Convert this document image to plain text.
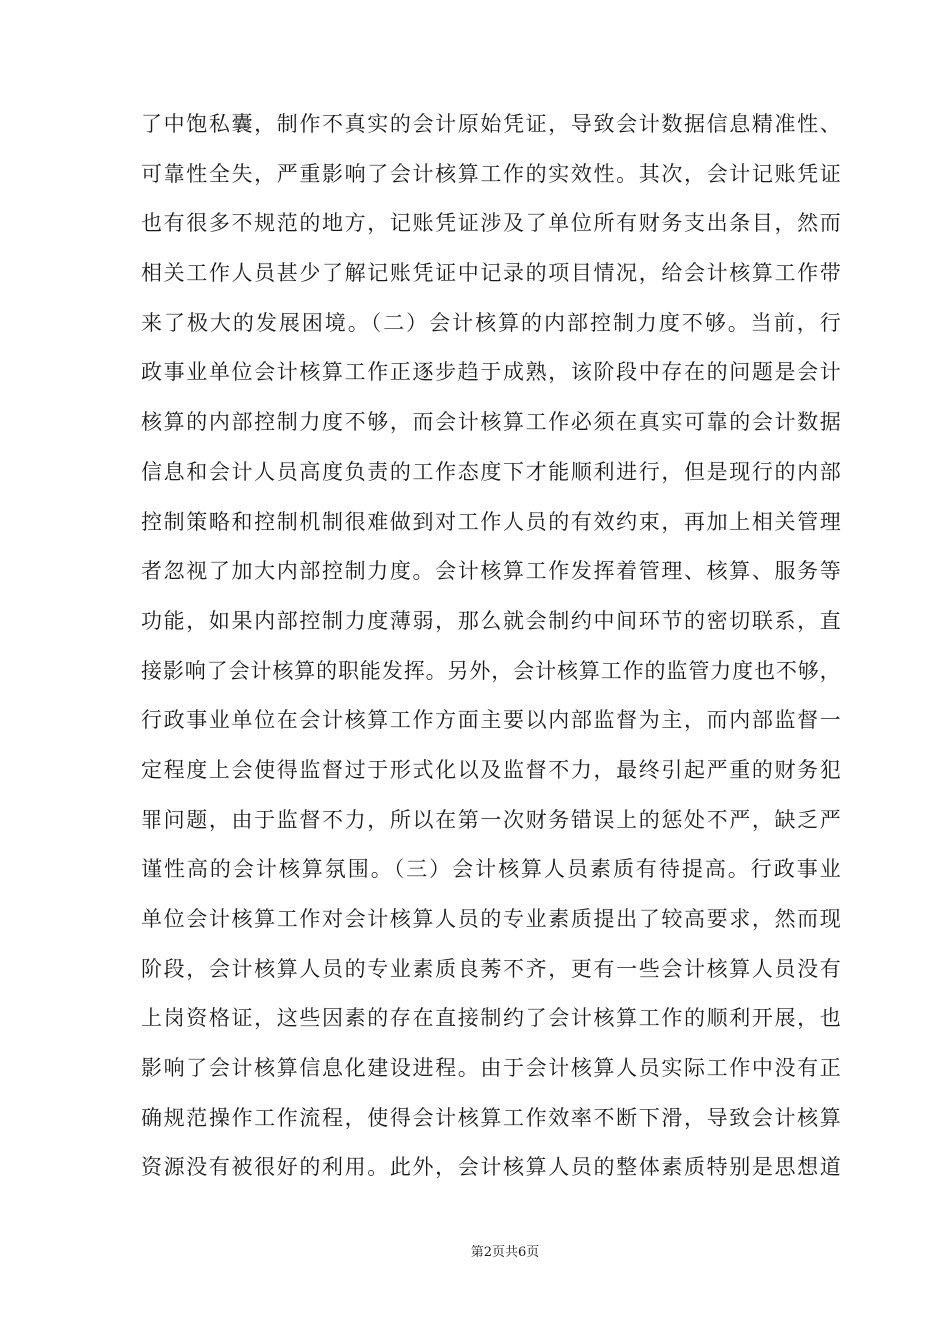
了中饱私囊，制作不真实的会计原始凭证，导致会计数据信息精准性、
可靠性全失，严重影响了会计核算工作的实效性。其次，会计记账凭证
也有很多不规范的地方，记账凭证涉及了单位所有财务支出条目，然而
相关工作人员甚少了解记账凭证中记录的项目情况，给会计核算工作带
来了极大的发展困境。（二）会计核算的内部控制力度不够。当前，行
政事业单位会计核算工作正逐步趋于成熟，该阶段中存在的问题是会计
核算的内部控制力度不够，而会计核算工作必须在真实可靠的会计数据
信息和会计人员高度负责的工作态度下才能顺利进行，但是现行的内部
控制策略和控制机制很难做到对工作人员的有效约束，再加上相关管理
者忽视了加大内部控制力度。会计核算工作发挥着管理、核算、服务等
功能，如果内部控制力度薄弱，那么就会制约中间环节的密切联系，直
接影响了会计核算的职能发挥。另外，会计核算工作的监管力度也不够，
行政事业单位在会计核算工作方面主要以内部监督为主，而内部监督一
定程度上会使得监督过于形式化以及监督不力，最终引起严重的财务犯
罪问题，由于监督不力，所以在第一次财务错误上的惩处不严，缺乏严
谨性高的会计核算氛围。（三）会计核算人员素质有待提高。行政事业
单位会计核算工作对会计核算人员的专业素质提出了较高要求，然而现
阶段，会计核算人员的专业素质良莠不齐，更有一些会计核算人员没有
上岗资格证，这些因素的存在直接制约了会计核算工作的顺利开展，也
影响了会计核算信息化建设进程。由于会计核算人员实际工作中没有正
确规范操作工作流程，使得会计核算工作效率不断下滑，导致会计核算
资源没有被很好的利用。此外，会计核算人员的整体素质特别是思想道
第2页共6页
